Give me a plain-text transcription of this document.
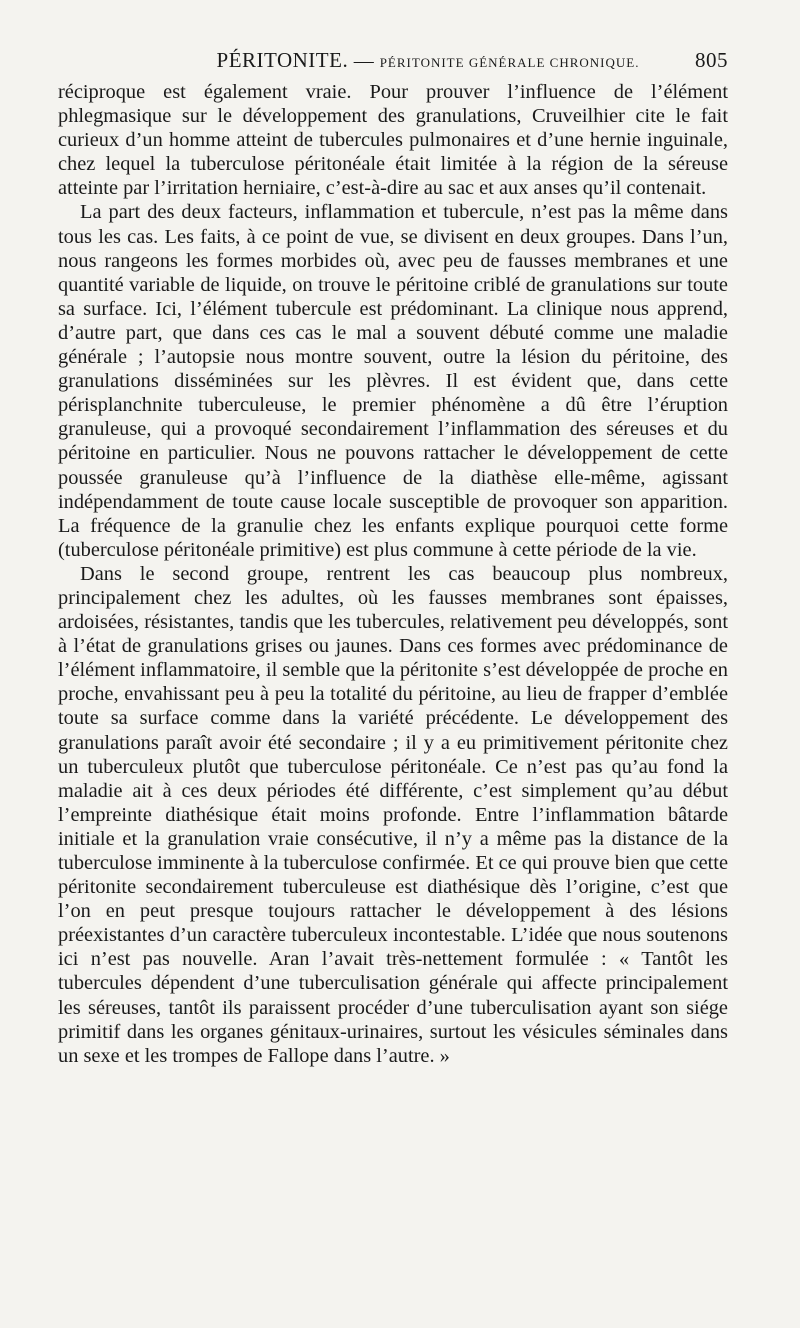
PÉRITONITE. — PÉRITONITE GÉNÉRALE CHRONIQUE.	805

réciproque est également vraie. Pour prouver l’influence de l’élément phlegmasique sur le développement des granulations, Cruveilhier cite le fait curieux d’un homme atteint de tubercules pulmonaires et d’une hernie inguinale, chez lequel la tuberculose péritonéale était limitée à la région de la séreuse atteinte par l’irritation herniaire, c’est-à-dire au sac et aux anses qu’il contenait.

La part des deux facteurs, inflammation et tubercule, n’est pas la même dans tous les cas. Les faits, à ce point de vue, se divisent en deux groupes. Dans l’un, nous rangeons les formes morbides où, avec peu de fausses membranes et une quantité variable de liquide, on trouve le péritoine criblé de granulations sur toute sa surface. Ici, l’élément tubercule est prédominant. La clinique nous apprend, d’autre part, que dans ces cas le mal a souvent débuté comme une maladie générale ; l’autopsie nous montre souvent, outre la lésion du péritoine, des granulations disséminées sur les plèvres. Il est évident que, dans cette périsplanchnite tuberculeuse, le premier phénomène a dû être l’éruption granuleuse, qui a provoqué secondairement l’inflammation des séreuses et du péritoine en particulier. Nous ne pouvons rattacher le développement de cette poussée granuleuse qu’à l’influence de la diathèse elle-même, agissant indépendamment de toute cause locale susceptible de provoquer son apparition. La fréquence de la granulie chez les enfants explique pourquoi cette forme (tuberculose péritonéale primitive) est plus commune à cette période de la vie.

Dans le second groupe, rentrent les cas beaucoup plus nombreux, principalement chez les adultes, où les fausses membranes sont épaisses, ardoisées, résistantes, tandis que les tubercules, relativement peu développés, sont à l’état de granulations grises ou jaunes. Dans ces formes avec prédominance de l’élément inflammatoire, il semble que la péritonite s’est développée de proche en proche, envahissant peu à peu la totalité du péritoine, au lieu de frapper d’emblée toute sa surface comme dans la variété précédente. Le développement des granulations paraît avoir été secondaire ; il y a eu primitivement péritonite chez un tuberculeux plutôt que tuberculose péritonéale. Ce n’est pas qu’au fond la maladie ait à ces deux périodes été différente, c’est simplement qu’au début l’empreinte diathésique était moins profonde. Entre l’inflammation bâtarde initiale et la granulation vraie consécutive, il n’y a même pas la distance de la tuberculose imminente à la tuberculose confirmée. Et ce qui prouve bien que cette péritonite secondairement tuberculeuse est diathésique dès l’origine, c’est que l’on en peut presque toujours rattacher le développement à des lésions préexistantes d’un caractère tuberculeux incontestable. L’idée que nous soutenons ici n’est pas nouvelle. Aran l’avait très-nettement formulée : « Tantôt les tubercules dépendent d’une tuberculisation générale qui affecte principalement les séreuses, tantôt ils paraissent procéder d’une tuberculisation ayant son siége primitif dans les organes génitaux-urinaires, surtout les vésicules séminales dans un sexe et les trompes de Fallope dans l’autre. »
